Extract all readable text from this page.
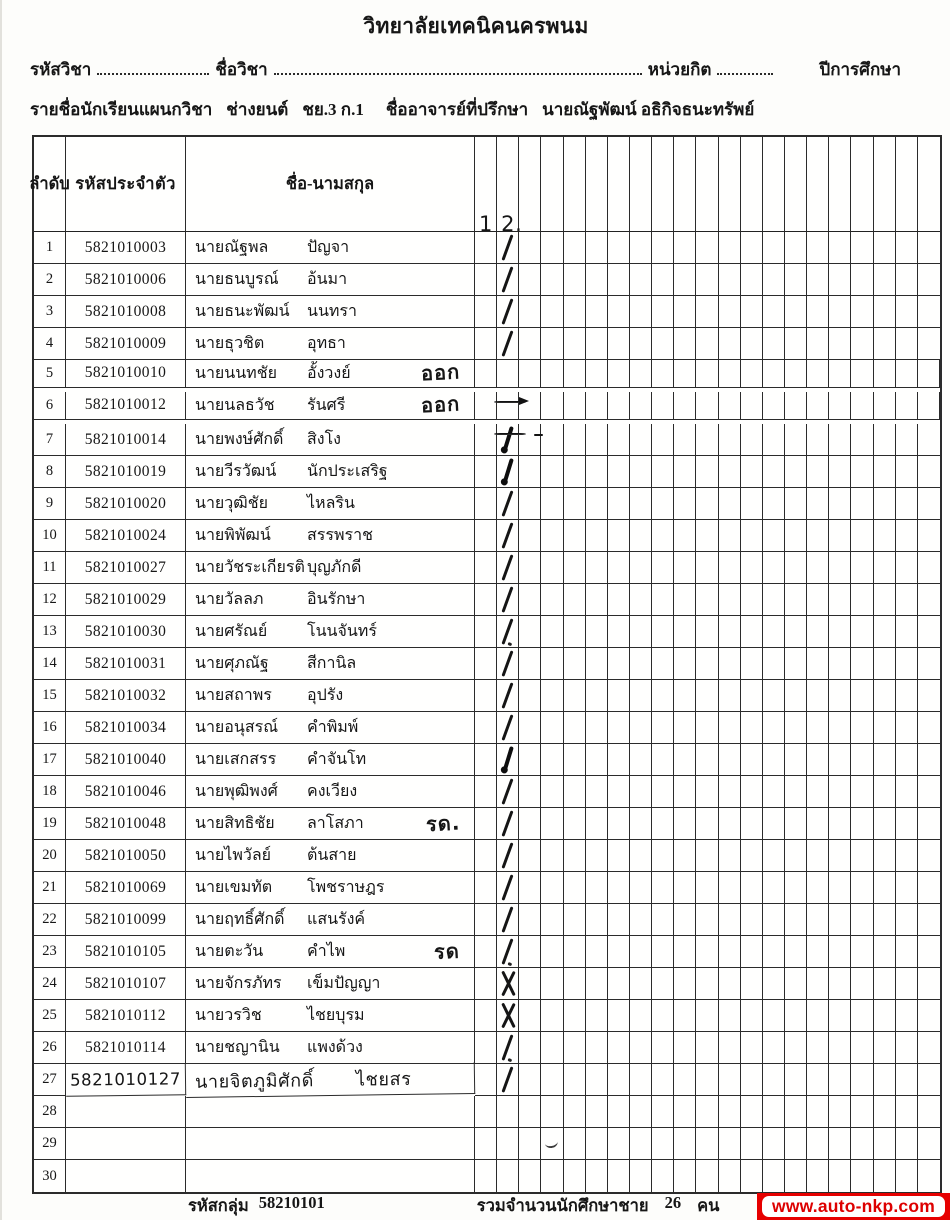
วิทยาลัยเทคนิคนครพนม
รหัสวิชา	ชื่อวิชา	หน่วยกิต	ปีการศึกษา
รายชื่อนักเรียนแผนกวิชา ช่างยนต์ ชย.3 ก.1 ชื่ออาจารย์ที่ปรึกษา นายณัฐพัฒน์ อธิกิจธนะทรัพย์
ลำดับ รหัสประจำตัว	ชื่อ-นามสกุล
1 2.
1	5821010003	นายณัฐพล	ปัญจา
2	5821010006	นายธนบูรณ์	อ้นมา
3	5821010008	นายธนะพัฒน์	นนทรา
4	5821010009	นายธุวชิต	อุทธา
5	5821010010	นายนนทชัย	อั้งวงย์	ออก
6	5821010012	นายนลธวัช	รันศรี	ออก
7	5821010014	นายพงษ์ศักดิ์	สิงโง
8	5821010019	นายวีรวัฒน์	นักประเสริฐ
9	5821010020	นายวุฒิชัย	ไหลริน
10	5821010024	นายพิพัฒน์	สรรพราช
11	5821010027	นายวัชระเกียรติ บุญภักดี
12	5821010029	นายวัลลภ	อินรักษา
13	5821010030	นายศรัณย์	โนนจันทร์
14	5821010031	นายศุภณัฐ	สีกานิล
15	5821010032	นายสถาพร	อุปรัง
16	5821010034	นายอนุสรณ์	คำพิมพ์
17	5821010040	นายเสกสรร	คำจันโท
18	5821010046	นายพุฒิพงศ์	คงเวียง
19	5821010048	นายสิทธิชัย	ลาโสภา	รด.
20	5821010050	นายไพวัลย์	ต้นสาย
21	5821010069	นายเขมทัต	โพชราษฎร
22	5821010099	นายฤทธิ์ศักดิ์	แสนรังค์
23	5821010105	นายตะวัน	คำไพ	รด
24	5821010107	นายจักรภัทร	เข็มปัญญา
25	5821010112	นายวรวิช	ไชยบุรม
26	5821010114	นายชญานิน	แพงด้วง
27 5821010127 นายจิตภูมิศักดิ์ ไชยสร
28
29
30
รหัสกลุ่ม 58210101	รวมจำนวนนักศึกษาชาย 26 คน	www.auto-nkp.com
